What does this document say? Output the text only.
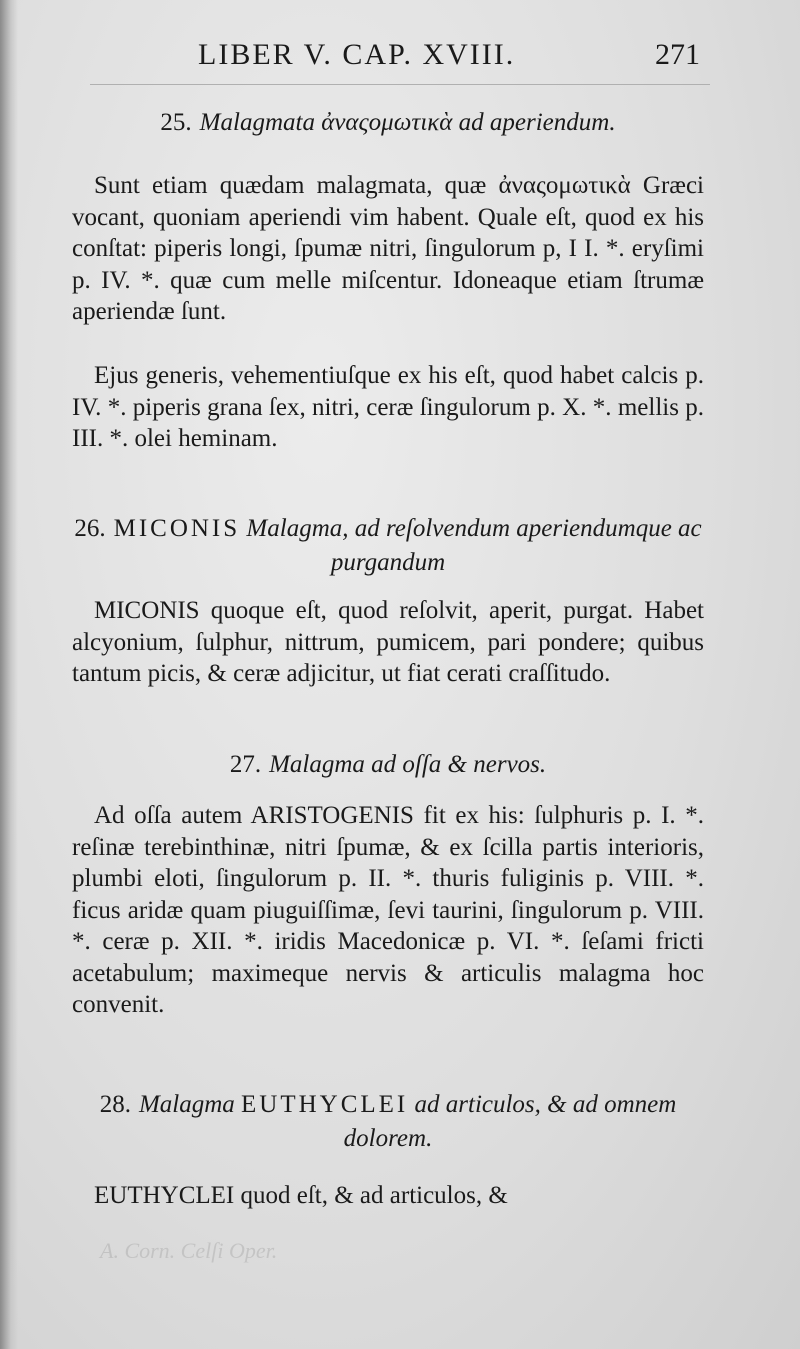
LIBER V. CAP. XVIII.	271
25. Malagmata ἀναςομωτικὰ ad aperiendum.
Sunt etiam quædam malagmata, quæ ἀναςομωτικὰ Græci vocant, quoniam aperiendi vim habent. Quale eſt, quod ex his conſtat: piperis longi, ſpumæ nitri, ſingulorum p, I I. *. eryſimi p. IV. *. quæ cum melle miſcentur. Idoneaque etiam ſtrumæ aperiendæ ſunt.
Ejus generis, vehementiuſque ex his eſt, quod habet calcis p. IV. *. piperis grana ſex, nitri, ceræ ſingulorum p. X. *. mellis p. III. *. olei heminam.
26. MICONIS Malagma, ad reſolvendum aperiendumque ac purgandum
MICONIS quoque eſt, quod reſolvit, aperit, purgat. Habet alcyonium, ſulphur, nittrum, pumicem, pari pondere; quibus tantum picis, & ceræ adjicitur, ut fiat cerati craſſitudo.
27. Malagma ad oſſa & nervos.
Ad oſſa autem ARISTOGENIS fit ex his: ſulphuris p. I. *. reſinæ terebinthinæ, nitri ſpumæ, & ex ſcilla partis interioris, plumbi eloti, ſingulorum p. II. *. thuris fuliginis p. VIII. *. ficus aridæ quam piuguiſſimæ, ſevi taurini, ſingulorum p. VIII. *. ceræ p. XII. *. iridis Macedonicæ p. VI. *. ſeſami fricti acetabulum; maximeque nervis & articulis malagma hoc convenit.
28. Malagma EUTHYCLEI ad articulos, & ad omnem dolorem.
EUTHYCLEI quod eſt, & ad articulos, &
A. Corn. Celſi Oper.
